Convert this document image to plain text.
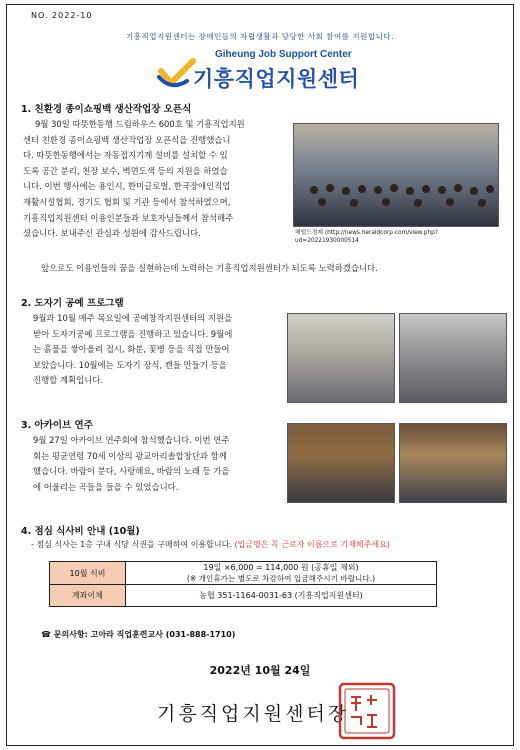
NO. 2022-10
기흥직업지원센터는 장애인들의 자립생활과 당당한 사회 참여를 지원합니다.
Giheung Job Support Center
기흥직업지원센터
1. 친환경 종이쇼핑백 생산작업장 오픈식
9월 30일 따뜻한동행 드림하우스 600호 및 기흥직업지원
센터 친환경 종이쇼핑백 생산작업장 오픈식을 진행했습니
다. 따뜻한동행에서는 자동접지기계 설비를 설치할 수 있
도록 공간 분리, 천장 보수, 벽면도색 등의 지원을 하였습
니다. 이번 행사에는 용인시, 한미글로벌, 한국장애인직업
재활시설협회, 경기도 협회 및 기관 등에서 참석하였으며,
기흥직업지원센터 이용인분들과 보호자님들께서 참석해주
셨습니다. 보내주신 관심과 성원에 감사드립니다.	헤럴드경제 (http://news.heraldcorp.com/view.php?ud=20221930000514
앞으로도 이용인들의 꿈을 실현하는데 노력하는 기흥직업지원센터가 되도록 노력하겠습니다.
2. 도자기 공예 프로그램
9월과 10월 매주 목요일에 공예창작지원센터의 지원을
받아 도자기공예 프로그램을 진행하고 있습니다. 9월에
는 흙물을 쌓아올려 접시, 화분, 꽃병 등을 직접 만들어
보았습니다. 10월에는 도자기 장식, 캔들 만들기 등을
진행할 계획입니다.
3. 아카이브 연주
9월 27일 아카이브 연주회에 참석했습니다. 이번 연주
회는 평균연령 70세 이상의 광교아리솔합창단과 함께
했습니다. 바람이 분다, 사랑해요, 바람의 노래 등 가을
에 어울리는 곡들을 들을 수 있었습니다.
4. 점심 식사비 안내 (10월)
- 점심 식사는 1층 구내 식당 식권을 구매하여 이용합니다. (입금명은 꼭 근로자 이름으로 기재해주세요)
10월 식비	19일 ×6,000 = 114,000 원 (공휴일 제외)
(※ 개인휴가는 별도로 차감하여 입금해주시기 바랍니다.)

계좌이체	농협 351-1164-0031-63 (기흥직업지원센터)
☎ 문의사항: 고아라 직업훈련교사 (031-888-1710)
2022년 10월 24일
기흥직업지원센터장
